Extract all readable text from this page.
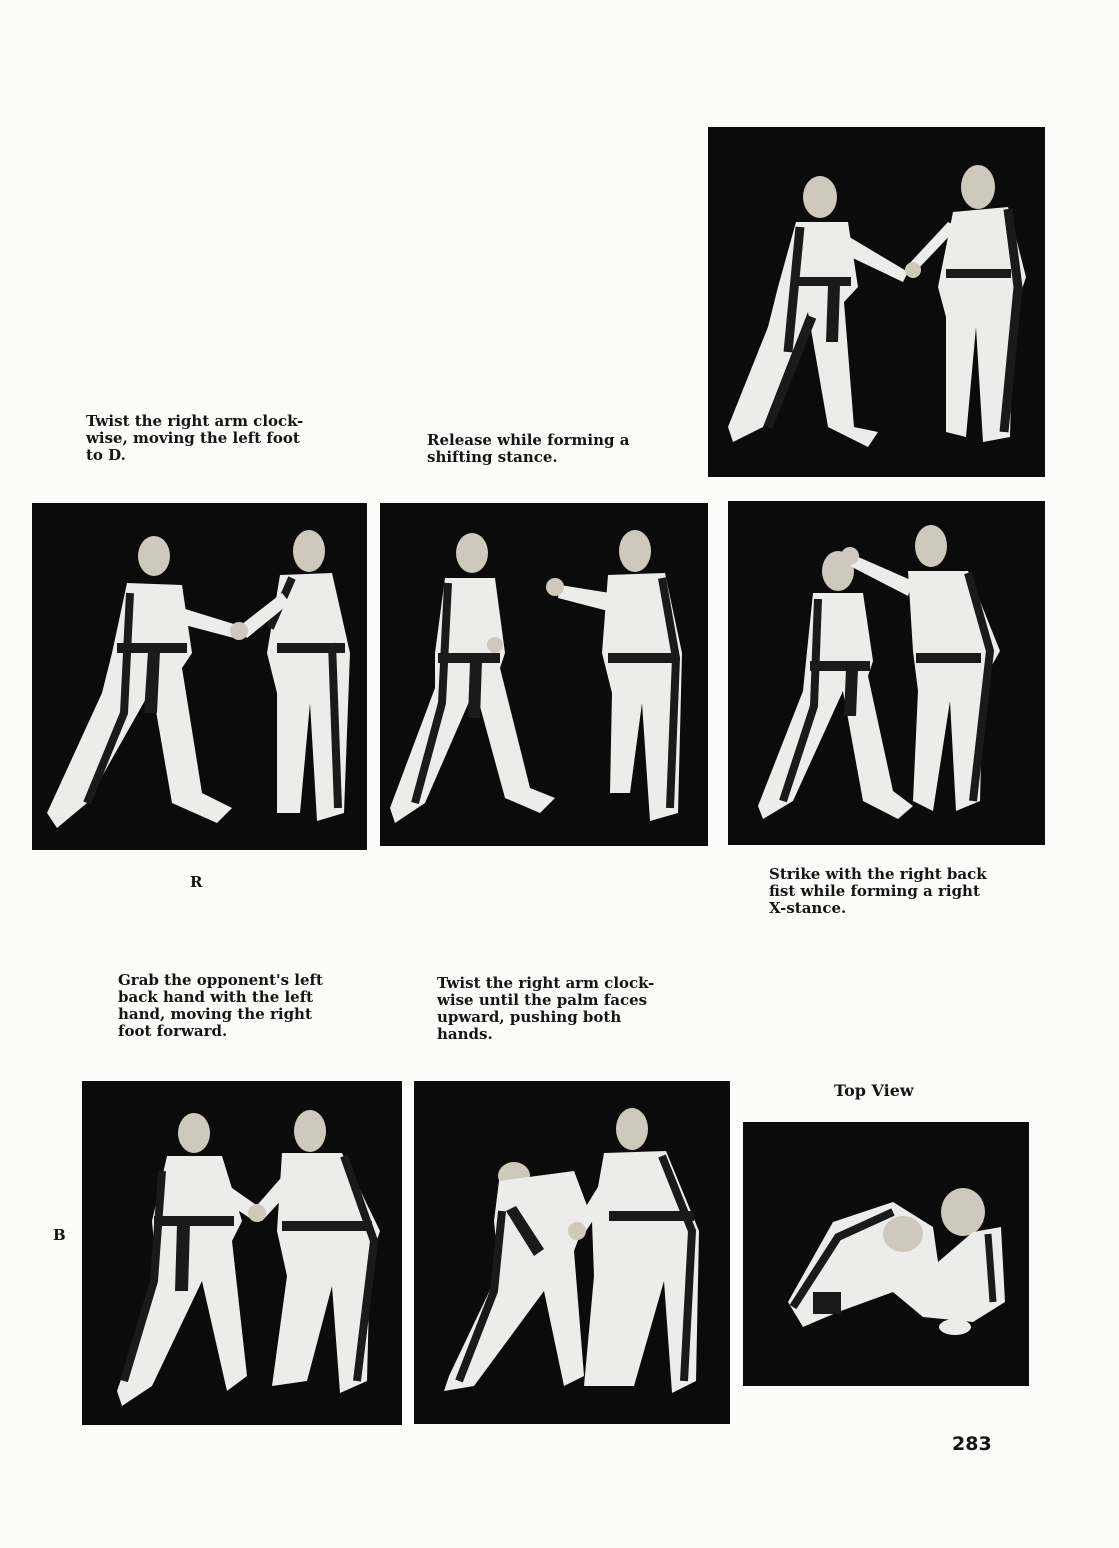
Twist the right arm clock-
wise, moving the left foot
to D.
Release while forming a
shifting stance.
R	Strike with the right back
fist while forming a right
X-stance.
Grab the opponent's left
back hand with the left
hand, moving the right
foot forward.
Twist the right arm clock-
wise until the palm faces
upward, pushing both
hands.
Top View
B
283
